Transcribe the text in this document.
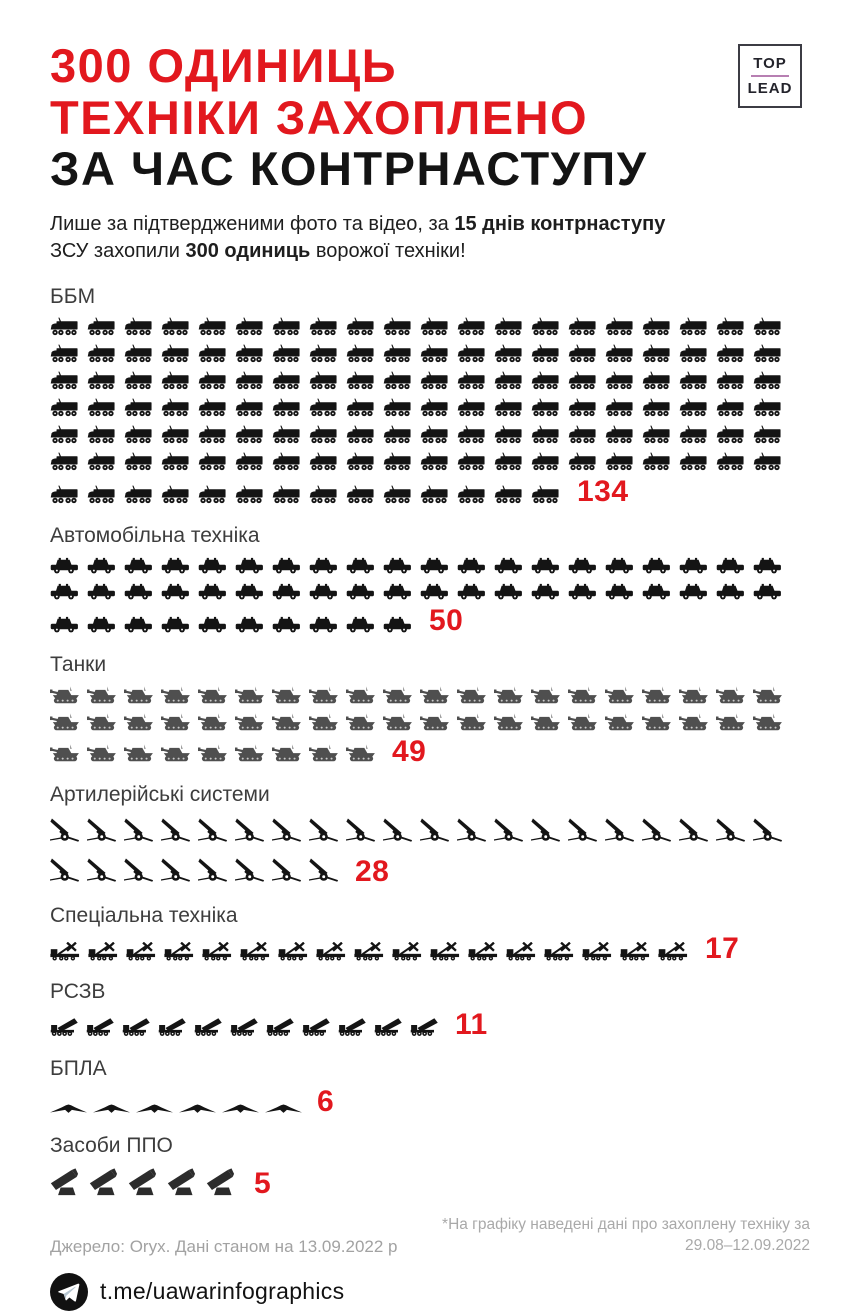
TOP
LEAD
300 ОДИНИЦЬ
ТЕХНІКИ ЗАХОПЛЕНО
ЗА ЧАС КОНТРНАСТУПУ

Лише за підтвердженими фото та відео, за 15 днів контрнаступу
ЗСУ захопили 300 одиниць ворожої техніки!

ББМ
134
Автомобільна техніка
50
Танки
49
Артилерійські системи
28
Спеціальна техніка
17
РСЗВ
11
БПЛА
6
Засоби ППО
5
Джерело: Oryx. Дані станом на 13.09.2022 р
*На графіку наведені дані про захоплену техніку за 29.08–12.09.2022
t.me/uawarinfographics
